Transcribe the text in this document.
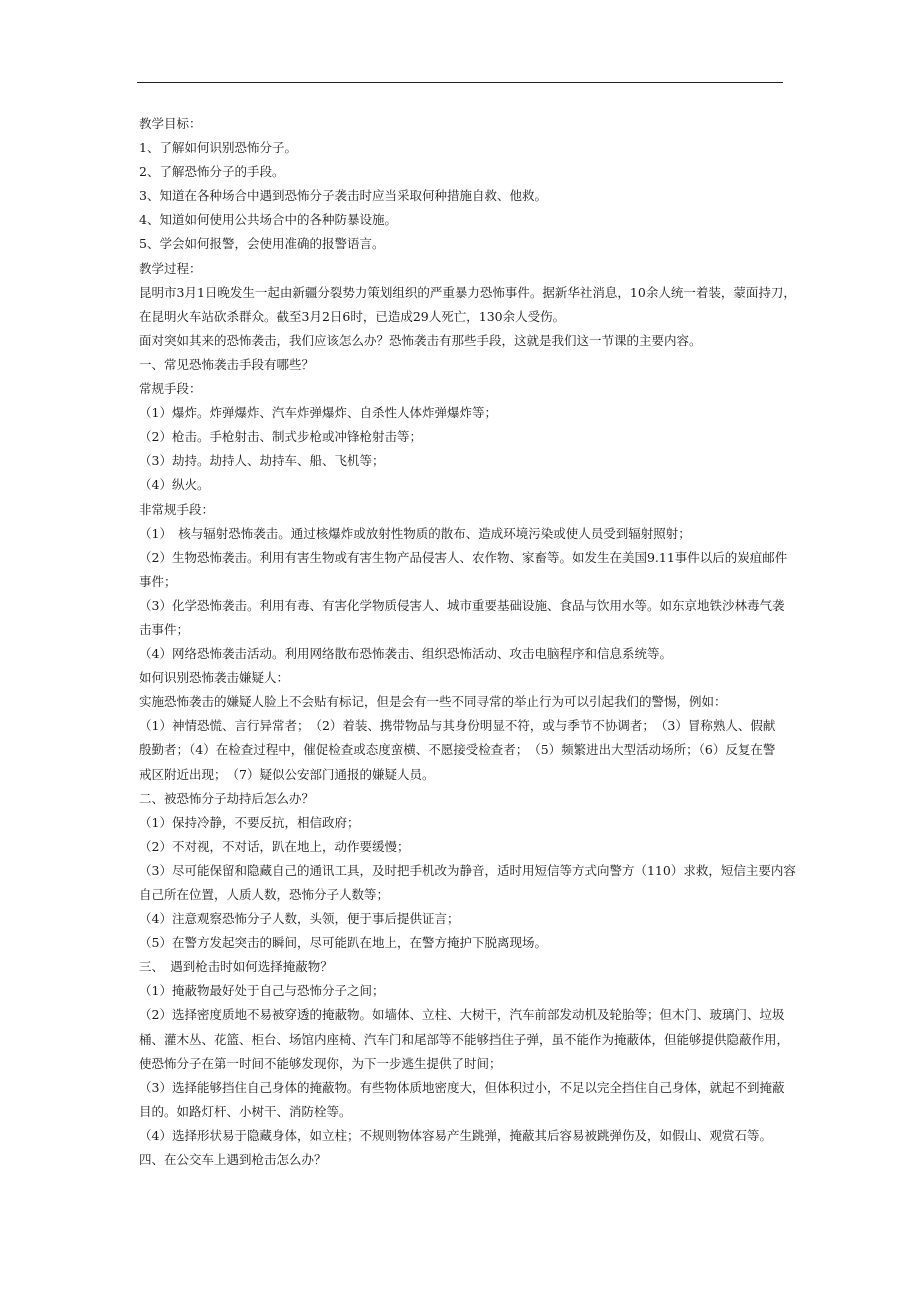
教学目标：

1、了解如何识别恐怖分子。

2、了解恐怖分子的手段。

3、知道在各种场合中遇到恐怖分子袭击时应当采取何种措施自救、他救。

4、知道如何使用公共场合中的各种防暴设施。

5、学会如何报警，会使用准确的报警语言。

教学过程：

昆明市3月1日晚发生一起由新疆分裂势力策划组织的严重暴力恐怖事件。据新华社消息，10余人统一着装，蒙面持刀，

在昆明火车站砍杀群众。截至3月2日6时，已造成29人死亡，130余人受伤。

面对突如其来的恐怖袭击，我们应该怎么办？恐怖袭击有那些手段，这就是我们这一节课的主要内容。

一、常见恐怖袭击手段有哪些？

常规手段：

（1）爆炸。炸弹爆炸、汽车炸弹爆炸、自杀性人体炸弹爆炸等；

（2）枪击。手枪射击、制式步枪或冲锋枪射击等；

（3）劫持。劫持人、劫持车、船、飞机等；

（4）纵火。

非常规手段：

（1）　核与辐射恐怖袭击。通过核爆炸或放射性物质的散布、造成环境污染或使人员受到辐射照射；

（2）生物恐怖袭击。利用有害生物或有害生物产品侵害人、农作物、家畜等。如发生在美国9.11事件以后的炭疽邮件

事件；

（3）化学恐怖袭击。利用有毒、有害化学物质侵害人、城市重要基础设施、食品与饮用水等。如东京地铁沙林毒气袭

击事件；

（4）网络恐怖袭击活动。利用网络散布恐怖袭击、组织恐怖活动、攻击电脑程序和信息系统等。

如何识别恐怖袭击嫌疑人：

实施恐怖袭击的嫌疑人脸上不会贴有标记，但是会有一些不同寻常的举止行为可以引起我们的警惕，例如：

（1）神情恐慌、言行异常者；　（2）着装、携带物品与其身份明显不符，或与季节不协调者；　（3）冒称熟人、假献

殷勤者；（4）在检查过程中，催促检查或态度蛮横、不愿接受检查者；　（5）频繁进出大型活动场所；（6）反复在警

戒区附近出现；　（7）疑似公安部门通报的嫌疑人员。

二、被恐怖分子劫持后怎么办？

（1）保持冷静，不要反抗，相信政府；

（2）不对视，不对话，趴在地上，动作要缓慢；

（3）尽可能保留和隐藏自己的通讯工具，及时把手机改为静音，适时用短信等方式向警方（110）求救，短信主要内容

自己所在位置，人质人数，恐怖分子人数等；

（4）注意观察恐怖分子人数，头领，便于事后提供证言；

（5）在警方发起突击的瞬间，尽可能趴在地上，在警方掩护下脱离现场。

三、　遇到枪击时如何选择掩蔽物？

（1）掩蔽物最好处于自己与恐怖分子之间；

（2）选择密度质地不易被穿透的掩蔽物。如墙体、立柱、大树干，汽车前部发动机及轮胎等；但木门、玻璃门、垃圾

桶、灌木丛、花篮、柜台、场馆内座椅、汽车门和尾部等不能够挡住子弹，虽不能作为掩蔽体，但能够提供隐蔽作用，

使恐怖分子在第一时间不能够发现你，为下一步逃生提供了时间；

（3）选择能够挡住自己身体的掩蔽物。有些物体质地密度大，但体积过小，不足以完全挡住自己身体，就起不到掩蔽

目的。如路灯杆、小树干、消防栓等。

（4）选择形状易于隐藏身体，如立柱；不规则物体容易产生跳弹，掩蔽其后容易被跳弹伤及，如假山、观赏石等。

四、在公交车上遇到枪击怎么办？
